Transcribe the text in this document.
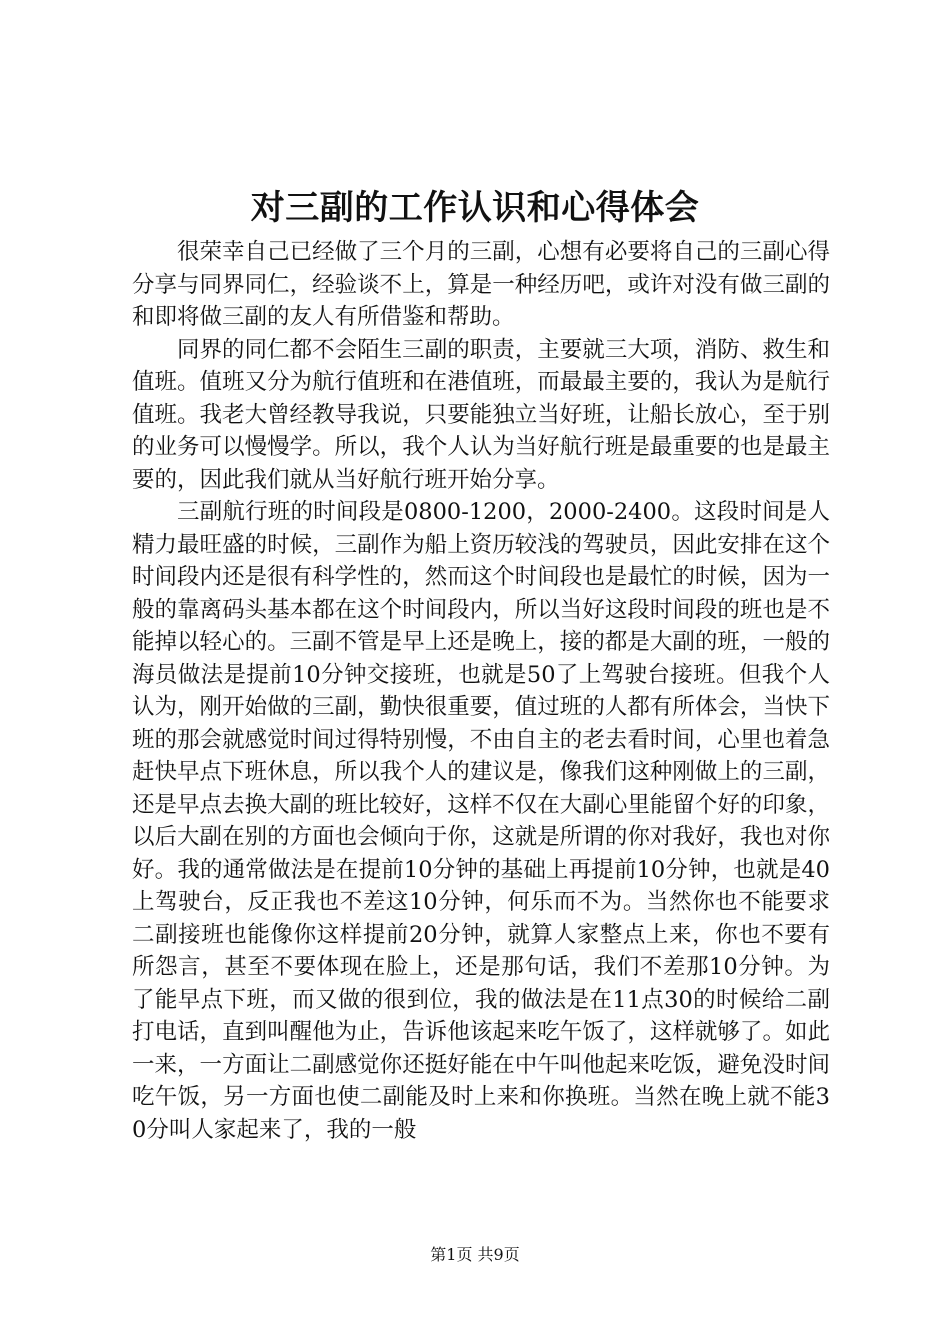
对三副的工作认识和心得体会

很荣幸自己已经做了三个月的三副，心想有必要将自己的三副心得分享与同界同仁，经验谈不上，算是一种经历吧，或许对没有做三副的和即将做三副的友人有所借鉴和帮助。

同界的同仁都不会陌生三副的职责，主要就三大项，消防、救生和值班。值班又分为航行值班和在港值班，而最最主要的，我认为是航行值班。我老大曾经教导我说，只要能独立当好班，让船长放心，至于别的业务可以慢慢学。所以，我个人认为当好航行班是最重要的也是最主要的，因此我们就从当好航行班开始分享。

三副航行班的时间段是0800-1200，2000-2400。这段时间是人精力最旺盛的时候，三副作为船上资历较浅的驾驶员，因此安排在这个时间段内还是很有科学性的，然而这个时间段也是最忙的时候，因为一般的靠离码头基本都在这个时间段内，所以当好这段时间段的班也是不能掉以轻心的。三副不管是早上还是晚上，接的都是大副的班，一般的海员做法是提前10分钟交接班，也就是50了上驾驶台接班。但我个人认为，刚开始做的三副，勤快很重要，值过班的人都有所体会，当快下班的那会就感觉时间过得特别慢，不由自主的老去看时间，心里也着急赶快早点下班休息，所以我个人的建议是，像我们这种刚做上的三副，还是早点去换大副的班比较好，这样不仅在大副心里能留个好的印象，以后大副在别的方面也会倾向于你，这就是所谓的你对我好，我也对你好。我的通常做法是在提前10分钟的基础上再提前10分钟，也就是40上驾驶台，反正我也不差这10分钟，何乐而不为。当然你也不能要求二副接班也能像你这样提前20分钟，就算人家整点上来，你也不要有所怨言，甚至不要体现在脸上，还是那句话，我们不差那10分钟。为了能早点下班，而又做的很到位，我的做法是在11点30的时候给二副打电话，直到叫醒他为止，告诉他该起来吃午饭了，这样就够了。如此一来，一方面让二副感觉你还挺好能在中午叫他起来吃饭，避免没时间吃午饭，另一方面也使二副能及时上来和你换班。当然在晚上就不能30分叫人家起来了，我的一般

第1页 共9页
